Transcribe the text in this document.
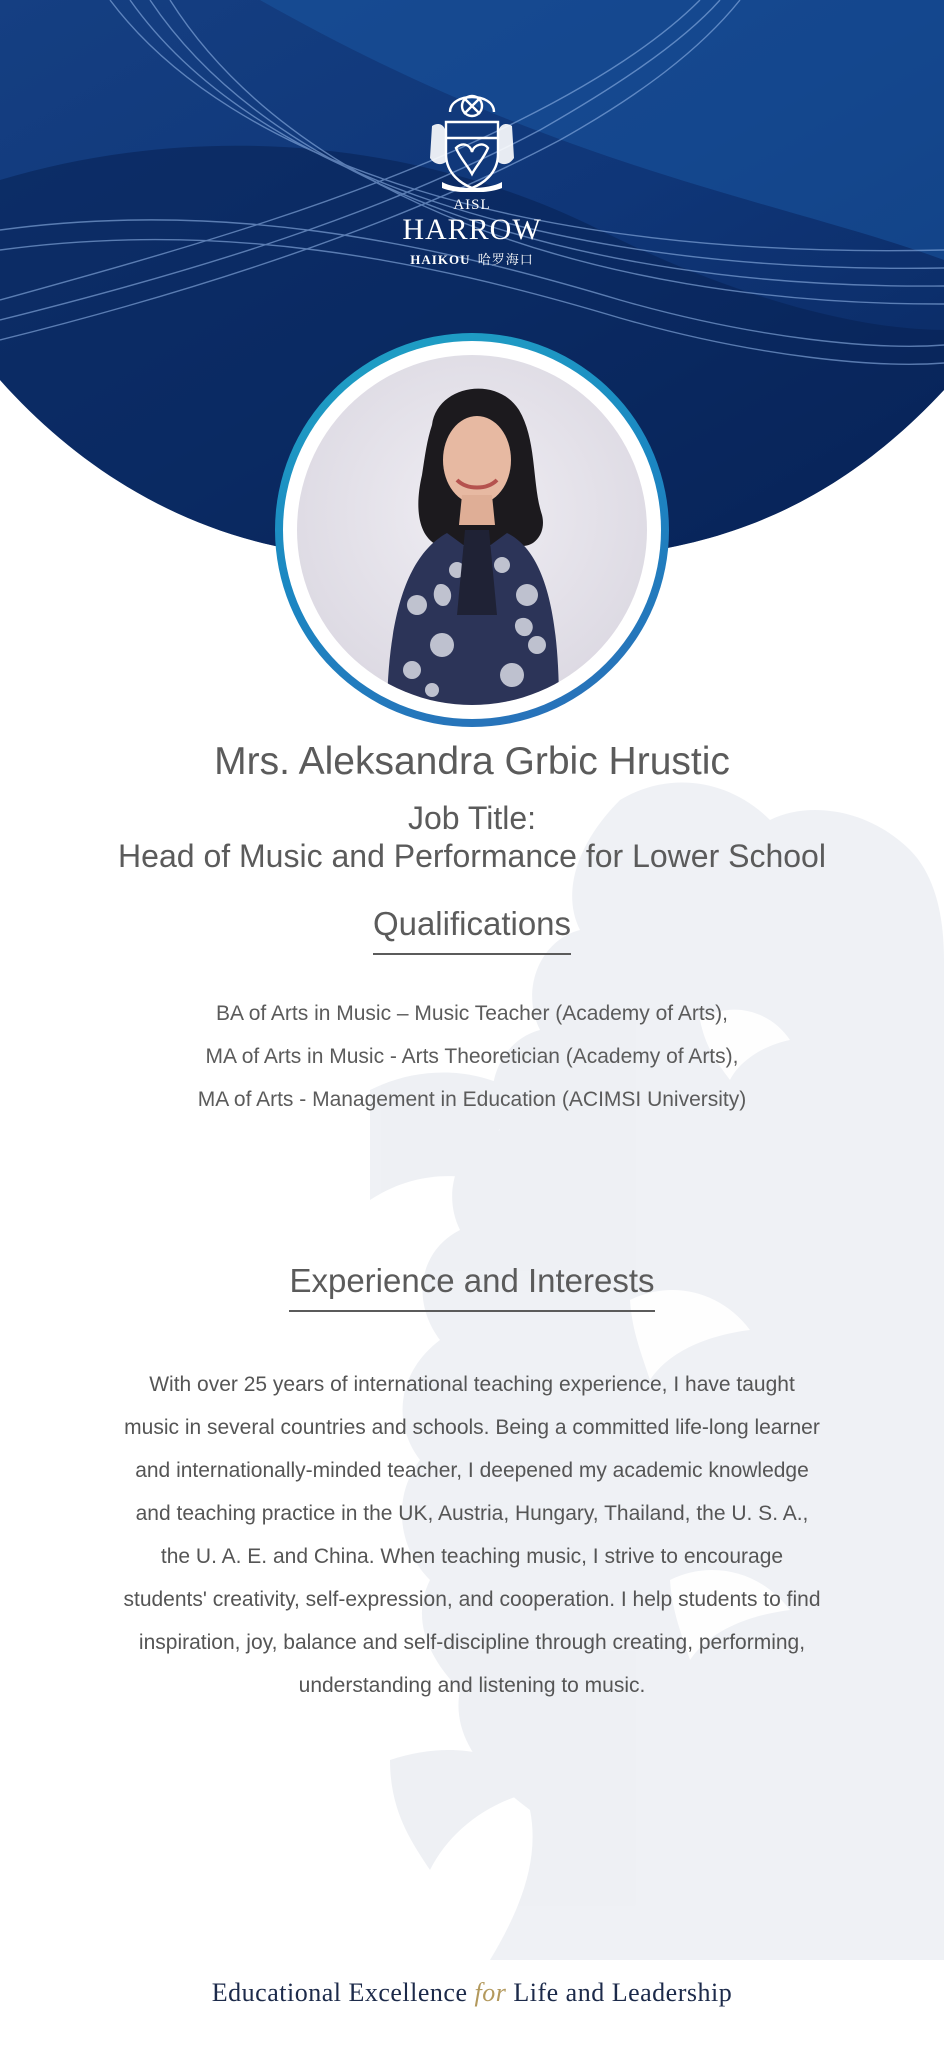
AISL
HARROW
HAIKOU 哈罗海口
Mrs. Aleksandra Grbic Hrustic
Job Title:
Head of Music and Performance for Lower School
Qualifications
BA of Arts in Music – Music Teacher (Academy of Arts),
MA of Arts in Music - Arts Theoretician (Academy of Arts),
MA of Arts - Management in Education (ACIMSI University)
Experience and Interests
With over 25 years of international teaching experience, I have taught music in several countries and schools. Being a committed life-long learner and internationally-minded teacher, I deepened my academic knowledge and teaching practice in the UK, Austria, Hungary, Thailand, the U. S. A., the U. A. E. and China. When teaching music, I strive to encourage students' creativity, self-expression, and cooperation. I help students to find inspiration, joy, balance and self-discipline through creating, performing, understanding and listening to music.
Educational Excellence for Life and Leadership
